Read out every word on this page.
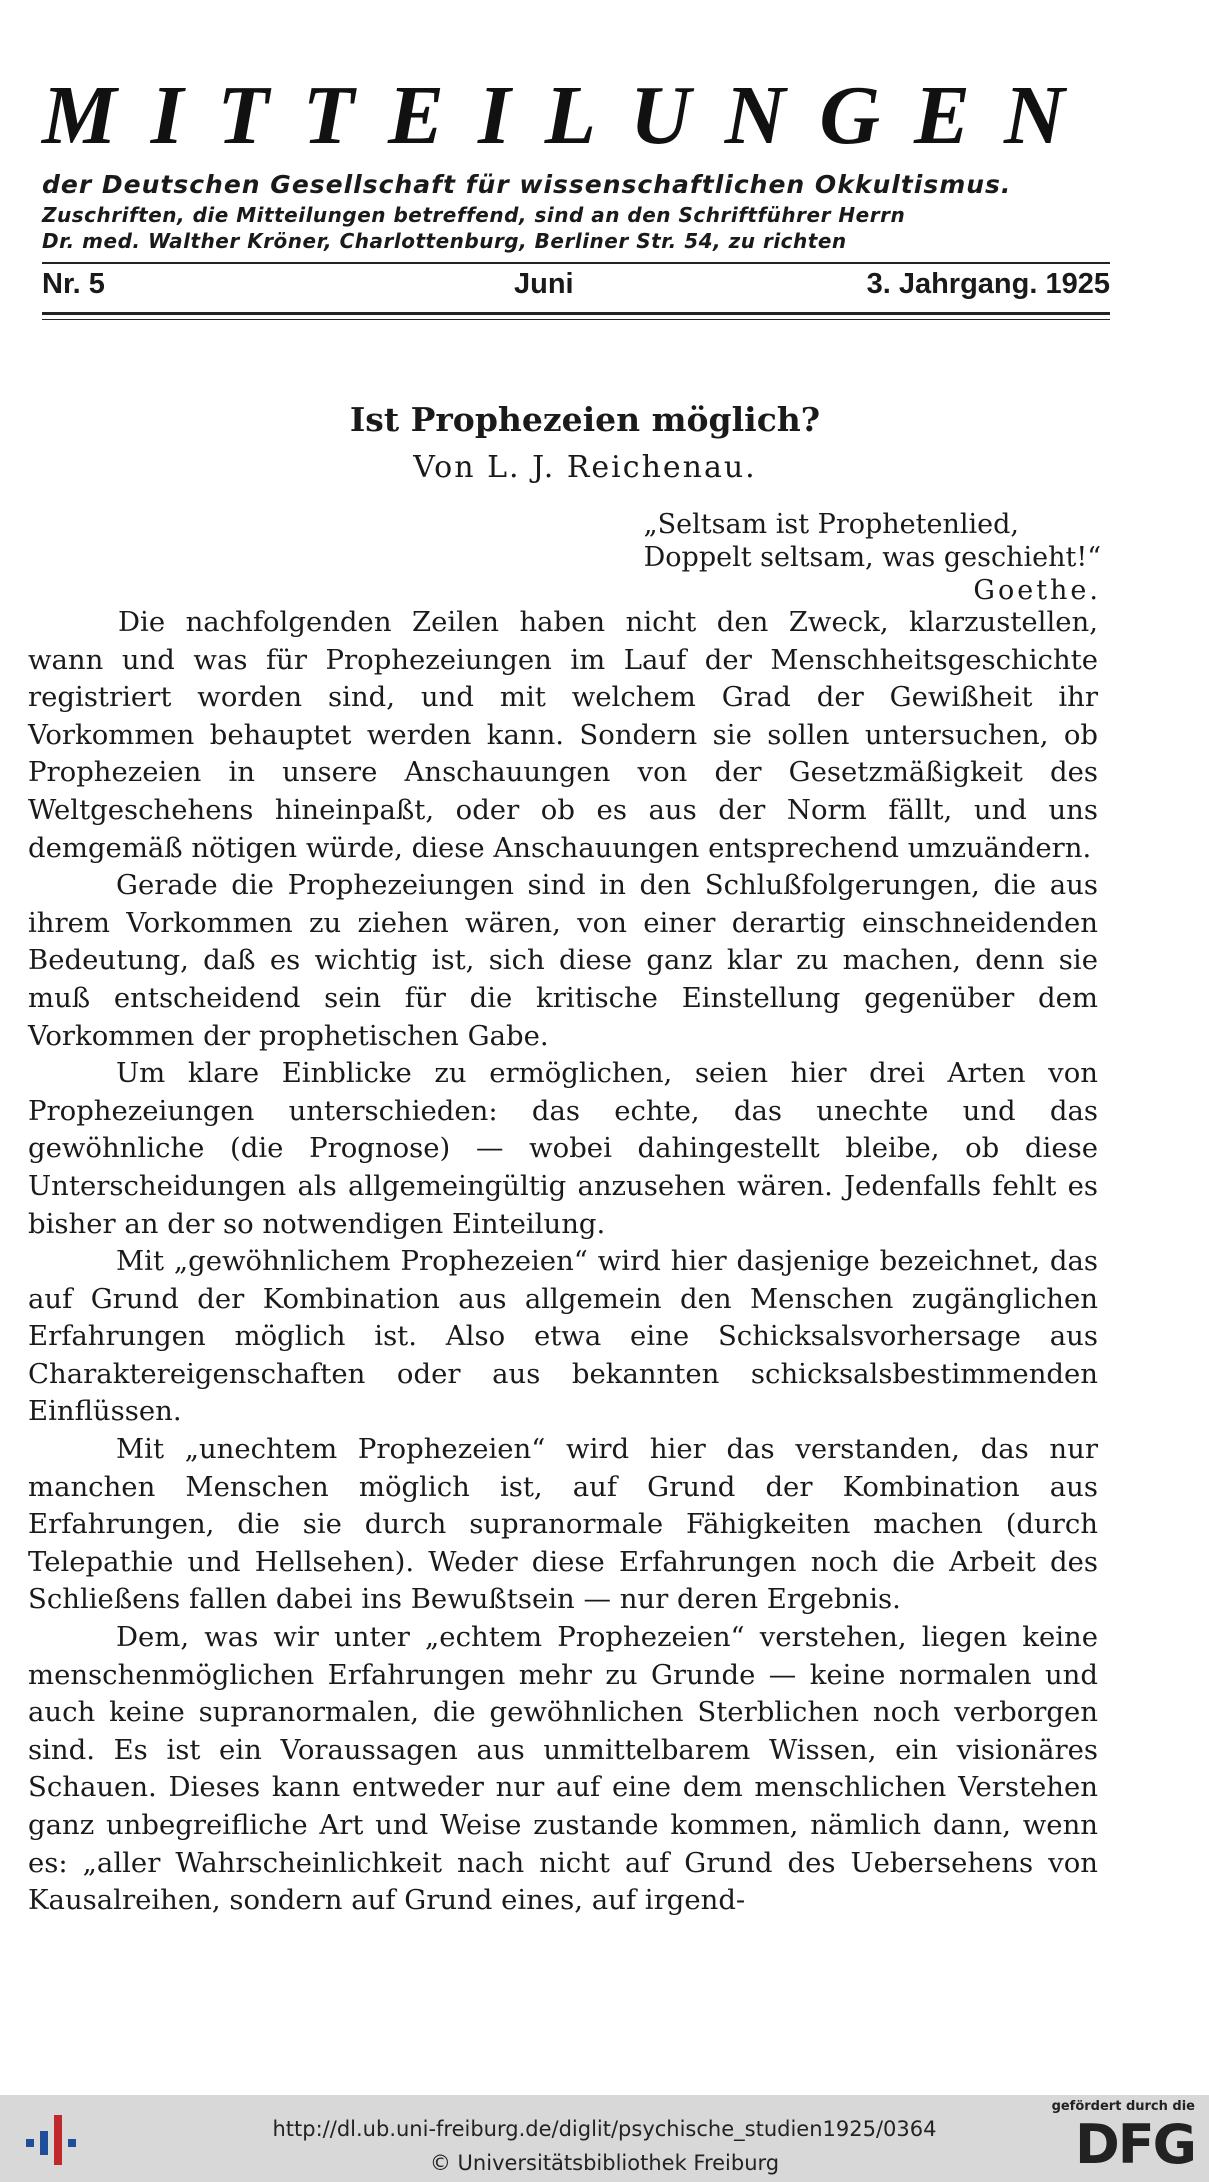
MITTEILUNGEN
der Deutschen Gesellschaft für wissenschaftlichen Okkultismus.
Zuschriften, die Mitteilungen betreffend, sind an den Schriftführer Herrn
Dr. med. Walther Kröner, Charlottenburg, Berliner Str. 54, zu richten
Nr. 5	Juni	3. Jahrgang. 1925
Ist Prophezeien möglich?
Von L. J. Reichenau.
„Seltsam ist Prophetenlied,
Doppelt seltsam, was geschieht!“
Goethe.

Die nachfolgenden Zeilen haben nicht den Zweck, klarzustellen, wann und was für Prophezeiungen im Lauf der Menschheitsgeschichte registriert worden sind, und mit welchem Grad der Gewißheit ihr Vorkommen behauptet werden kann. Sondern sie sollen untersuchen, ob Prophezeien in unsere Anschauungen von der Gesetzmäßigkeit des Weltgeschehens hineinpaßt, oder ob es aus der Norm fällt, und uns demgemäß nötigen würde, diese Anschauungen entsprechend umzuändern.

Gerade die Prophezeiungen sind in den Schlußfolgerungen, die aus ihrem Vorkommen zu ziehen wären, von einer derartig einschneidenden Bedeutung, daß es wichtig ist, sich diese ganz klar zu machen, denn sie muß entscheidend sein für die kritische Einstellung gegenüber dem Vorkommen der prophetischen Gabe.

Um klare Einblicke zu ermöglichen, seien hier drei Arten von Prophezeiungen unterschieden: das echte, das unechte und das gewöhnliche (die Prognose) — wobei dahingestellt bleibe, ob diese Unterscheidungen als allgemeingültig anzusehen wären. Jedenfalls fehlt es bisher an der so notwendigen Einteilung.

Mit „gewöhnlichem Prophezeien“ wird hier dasjenige bezeichnet, das auf Grund der Kombination aus allgemein den Menschen zugänglichen Erfahrungen möglich ist. Also etwa eine Schicksalsvorhersage aus Charaktereigenschaften oder aus bekannten schicksalsbestimmenden Einflüssen.

Mit „unechtem Prophezeien“ wird hier das verstanden, das nur manchen Menschen möglich ist, auf Grund der Kombination aus Erfahrungen, die sie durch supranormale Fähigkeiten machen (durch Telepathie und Hellsehen). Weder diese Erfahrungen noch die Arbeit des Schließens fallen dabei ins Bewußtsein — nur deren Ergebnis.

Dem, was wir unter „echtem Prophezeien“ verstehen, liegen keine menschenmöglichen Erfahrungen mehr zu Grunde — keine normalen und auch keine supranormalen, die gewöhnlichen Sterblichen noch verborgen sind. Es ist ein Voraussagen aus unmittelbarem Wissen, ein visionäres Schauen. Dieses kann entweder nur auf eine dem menschlichen Verstehen ganz unbegreifliche Art und Weise zustande kommen, nämlich dann, wenn es: „aller Wahrscheinlichkeit nach nicht auf Grund des Uebersehens von Kausalreihen, sondern auf Grund eines, auf irgend-

http://dl.ub.uni-freiburg.de/diglit/psychische_studien1925/0364
© Universitätsbibliothek Freiburg
gefördert durch die
DFG
